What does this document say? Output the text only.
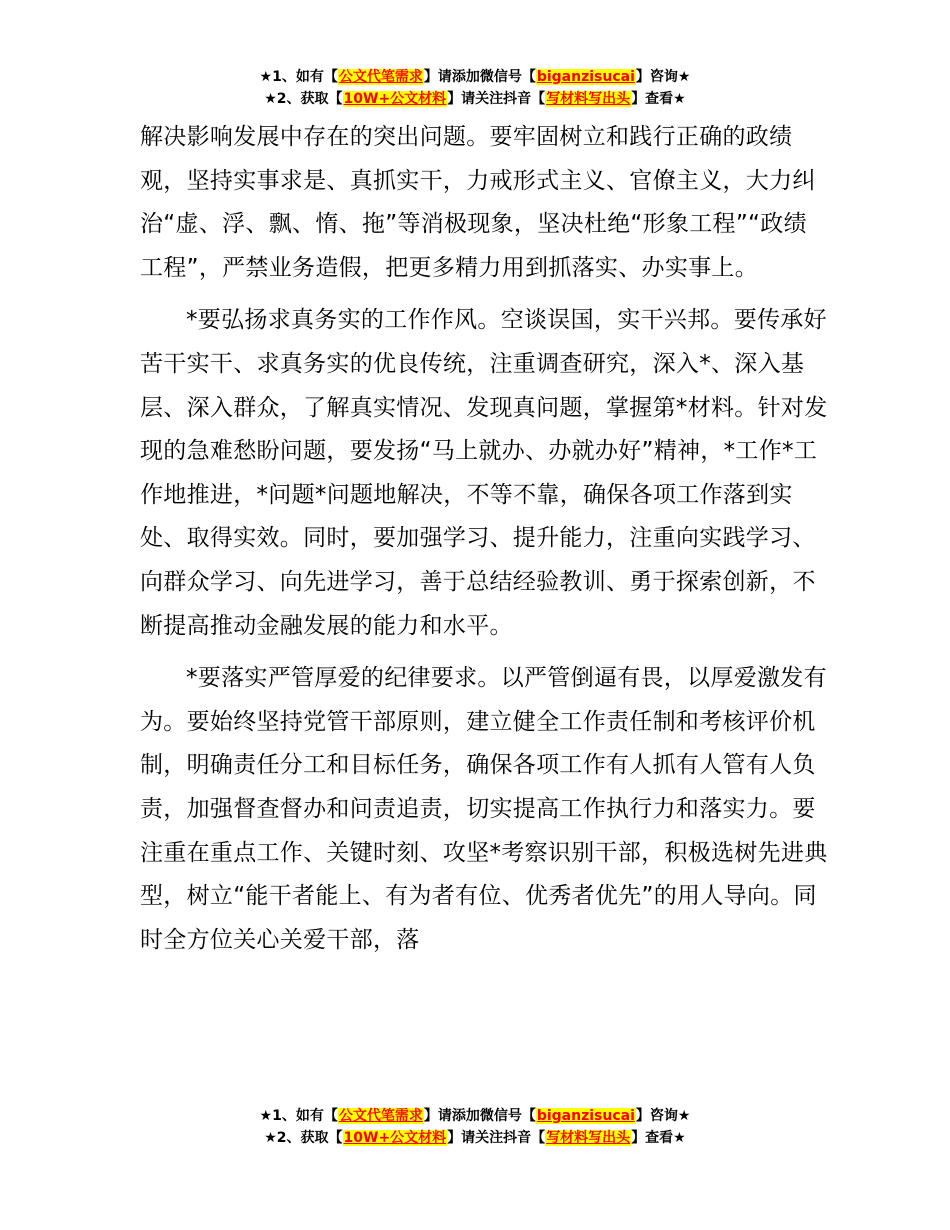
★1、如有【公文代笔需求】请添加微信号【biganzisucai】咨询★
★2、获取【10W+公文材料】请关注抖音【写材料写出头】查看★

解决影响发展中存在的突出问题。要牢固树立和践行正确的政绩观，坚持实事求是、真抓实干，力戒形式主义、官僚主义，大力纠治“虚、浮、飘、惰、拖”等消极现象，坚决杜绝“形象工程”“政绩工程”，严禁业务造假，把更多精力用到抓落实、办实事上。

*要弘扬求真务实的工作作风。空谈误国，实干兴邦。要传承好苦干实干、求真务实的优良传统，注重调查研究，深入*、深入基层、深入群众，了解真实情况、发现真问题，掌握第*材料。针对发现的急难愁盼问题，要发扬“马上就办、办就办好”精神，*工作*工作地推进，*问题*问题地解决，不等不靠，确保各项工作落到实处、取得实效。同时，要加强学习、提升能力，注重向实践学习、向群众学习、向先进学习，善于总结经验教训、勇于探索创新，不断提高推动金融发展的能力和水平。

*要落实严管厚爱的纪律要求。以严管倒逼有畏，以厚爱激发有为。要始终坚持党管干部原则，建立健全工作责任制和考核评价机制，明确责任分工和目标任务，确保各项工作有人抓有人管有人负责，加强督查督办和问责追责，切实提高工作执行力和落实力。要注重在重点工作、关键时刻、攻坚*考察识别干部，积极选树先进典型，树立“能干者能上、有为者有位、优秀者优先”的用人导向。同时全方位关心关爱干部，落

★1、如有【公文代笔需求】请添加微信号【biganzisucai】咨询★
★2、获取【10W+公文材料】请关注抖音【写材料写出头】查看★
